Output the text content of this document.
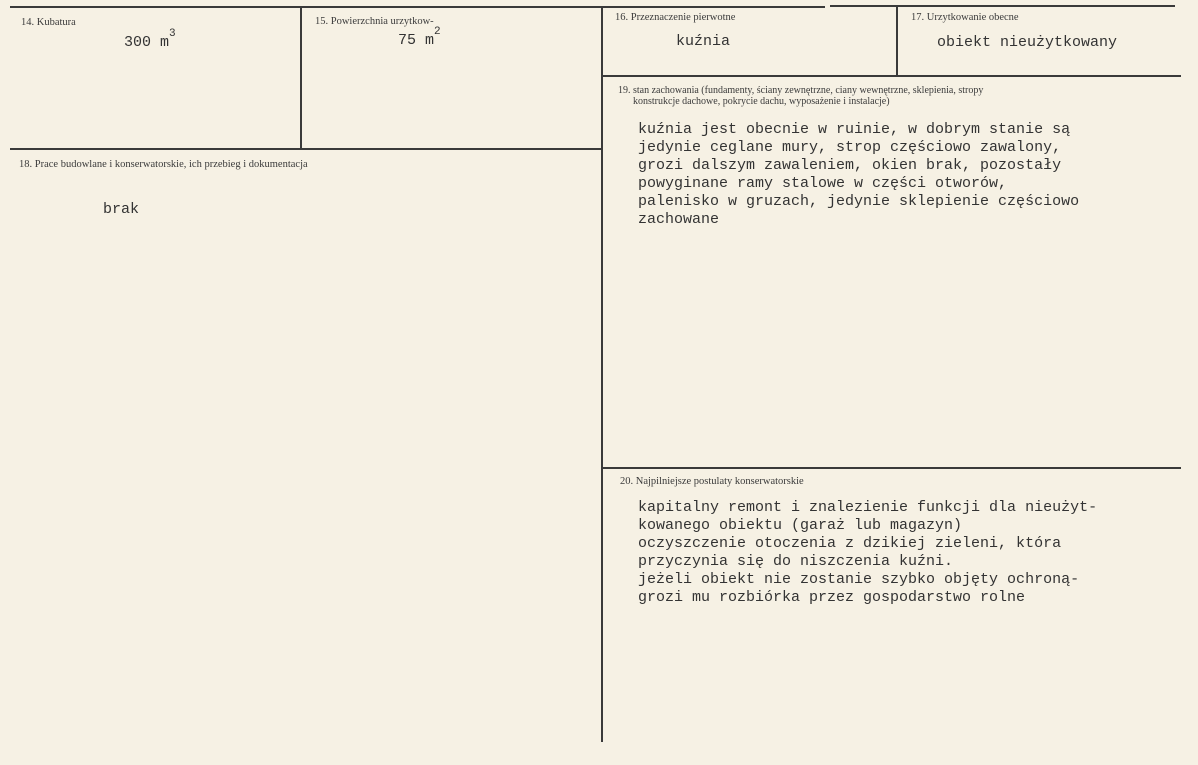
14. Kubatura
300 $m^3$
15. Powierzchnia urzytkow-
75 $m^2$
16. Przeznaczenie pierwotne
kuźnia
17. Urzytkowanie obecne
obiekt nieużytkowany
18. Prace budowlane i konserwatorskie, ich przebieg i dokumentacja
brak
19. stan zachowania (fundamenty, ściany zewnętrzne, ciany wewnętrzne, sklepienia, stropy
konstrukcje dachowe, pokrycie dachu, wyposażenie i instalacje)
kuźnia jest obecnie w ruinie, w dobrym stanie są
jedynie ceglane mury, strop częściowo zawalony,
grozi dalszym zawaleniem, okien brak, pozostały
powyginane ramy stalowe w części otworów,
palenisko w gruzach, jedynie sklepienie częściowo
zachowane
20. Najpilniejsze postulaty konserwatorskie
kapitalny remont i znalezienie funkcji dla nieużyt-
kowanego obiektu (garaż lub magazyn)
oczyszczenie otoczenia z dzikiej zieleni, która
przyczynia się do niszczenia kuźni.
jeżeli obiekt nie zostanie szybko objęty ochroną-
grozi mu rozbiórka przez gospodarstwo rolne
